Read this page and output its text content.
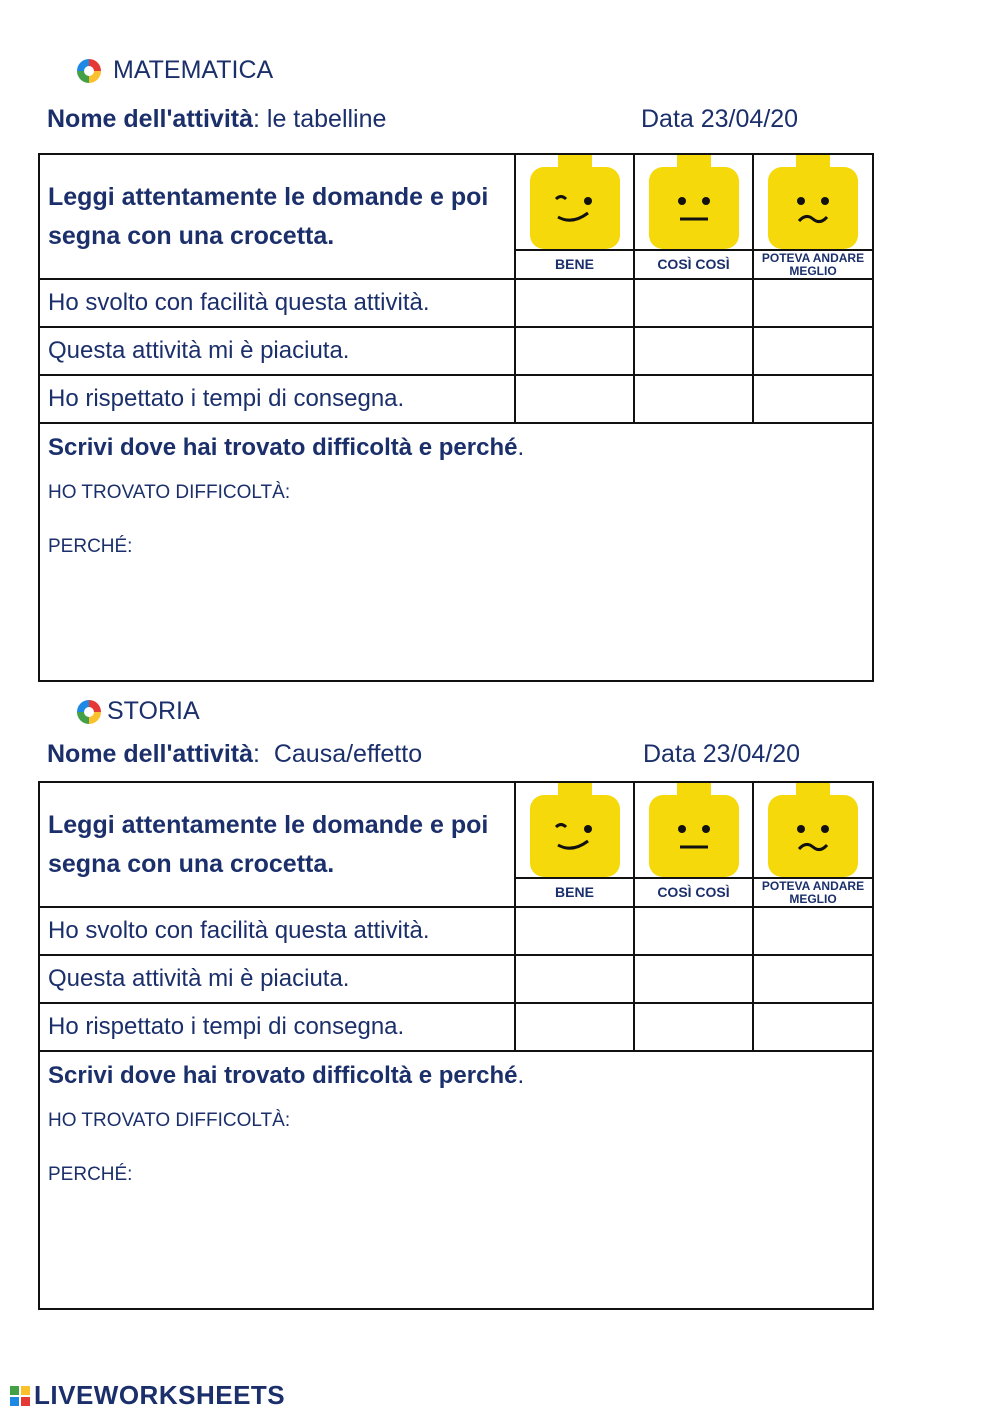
MATEMATICA
Nome dell'attività: le tabelline	Data 23/04/20
Leggi attentamente le domande e poi segna con una crocetta.	

	BENE	COSÌ COSÌ	POTEVA ANDARE MEGLIO
Ho svolto con facilità questa attività.			
Questa attività mi è piaciuta.			
Ho rispettato i tempi di consegna.			

Scrivi dove hai trovato difficoltà e perché.
HO TROVATO DIFFICOLTÀ:
PERCHÉ:			
STORIA
Nome dell'attività:  Causa/effetto	Data 23/04/20
Leggi attentamente le domande e poi segna con una crocetta.	

	BENE	COSÌ COSÌ	POTEVA ANDARE MEGLIO
Ho svolto con facilità questa attività.			
Questa attività mi è piaciuta.			
Ho rispettato i tempi di consegna.			

Scrivi dove hai trovato difficoltà e perché.
HO TROVATO DIFFICOLTÀ:
PERCHÉ:			
LIVEWORKSHEETS
